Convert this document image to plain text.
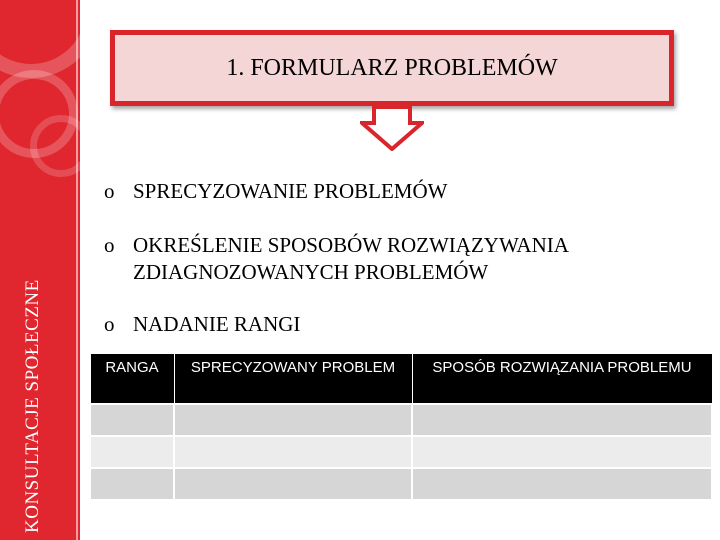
KONSULTACJE SPOŁECZNE
1. FORMULARZ PROBLEMÓW
o SPRECYZOWANIE PROBLEMÓW
o OKREŚLENIE SPOSOBÓW ROZWIĄZYWANIA ZDIAGNOZOWANYCH PROBLEMÓW
o NADANIE RANGI
RANGA	SPRECYZOWANY PROBLEM	SPOSÓB ROZWIĄZANIA PROBLEMU
